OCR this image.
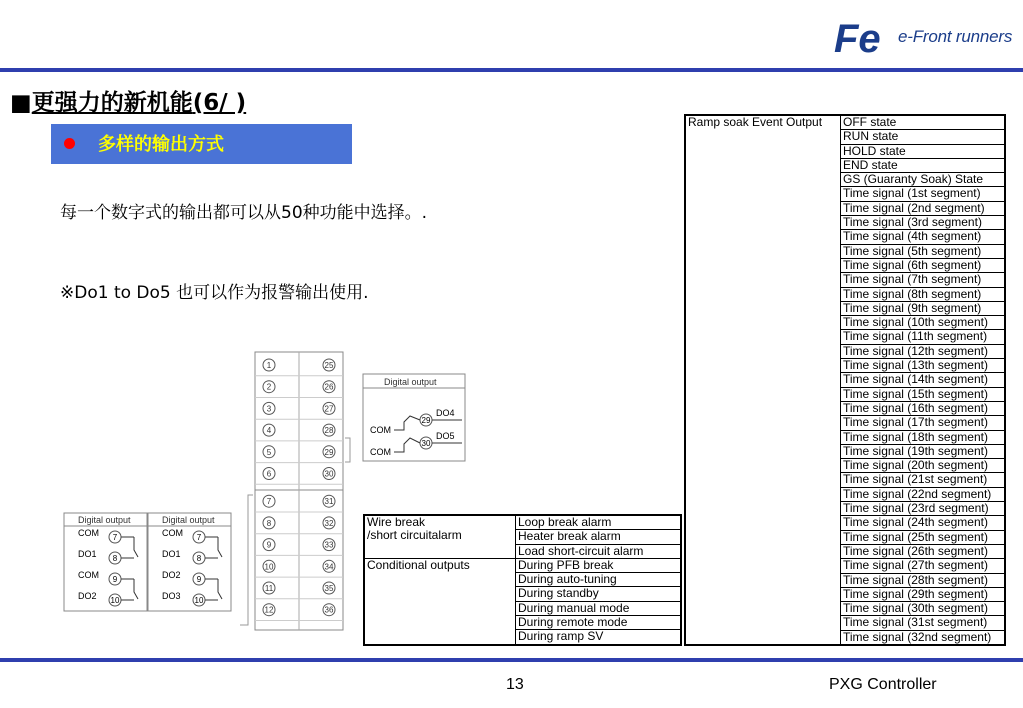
Fe e-Front runners
■更强力的新机能(6/ )
多样的输出方式
每一个数字式的输出都可以从50种功能中选择。.
※Do1 to Do5 也可以作为报警输出使用.
1	25
2	26
3	27
4	28
5	29
6	30
7	31
8	32
9	33
10	34
11	35
12	36
Digital output
COM
COM
29
30
DO4
DO5
Digital output
COM
DO1
COM
DO2
7
8
9
10
Digital output
COM
DO1
DO2
DO3
7
8
9
10
Ramp soak Event Output	OFF state
RUN state
HOLD state
END state
GS (Guaranty Soak) State
Time signal (1st segment)
Time signal (2nd segment)
Time signal (3rd segment)
Time signal (4th segment)
Time signal (5th segment)
Time signal (6th segment)
Time signal (7th segment)
Time signal (8th segment)
Time signal (9th segment)
Time signal (10th segment)
Time signal (11th segment)
Time signal (12th segment)
Time signal (13th segment)
Time signal (14th segment)
Time signal (15th segment)
Time signal (16th segment)
Time signal (17th segment)
Time signal (18th segment)
Time signal (19th segment)
Time signal (20th segment)
Time signal (21st segment)
Time signal (22nd segment)
Time signal (23rd segment)
Time signal (24th segment)
Time signal (25th segment)
Time signal (26th segment)
Time signal (27th segment)
Time signal (28th segment)
Time signal (29th segment)
Time signal (30th segment)
Time signal (31st segment)
Time signal (32nd segment)
Wire break
/short circuitalarm	Loop break alarm
	Heater break alarm
	Load short-circuit alarm
Conditional outputs	During PFB break
	During auto-tuning
	During standby
	During manual mode
	During remote mode
	During ramp SV
13	PXG Controller
